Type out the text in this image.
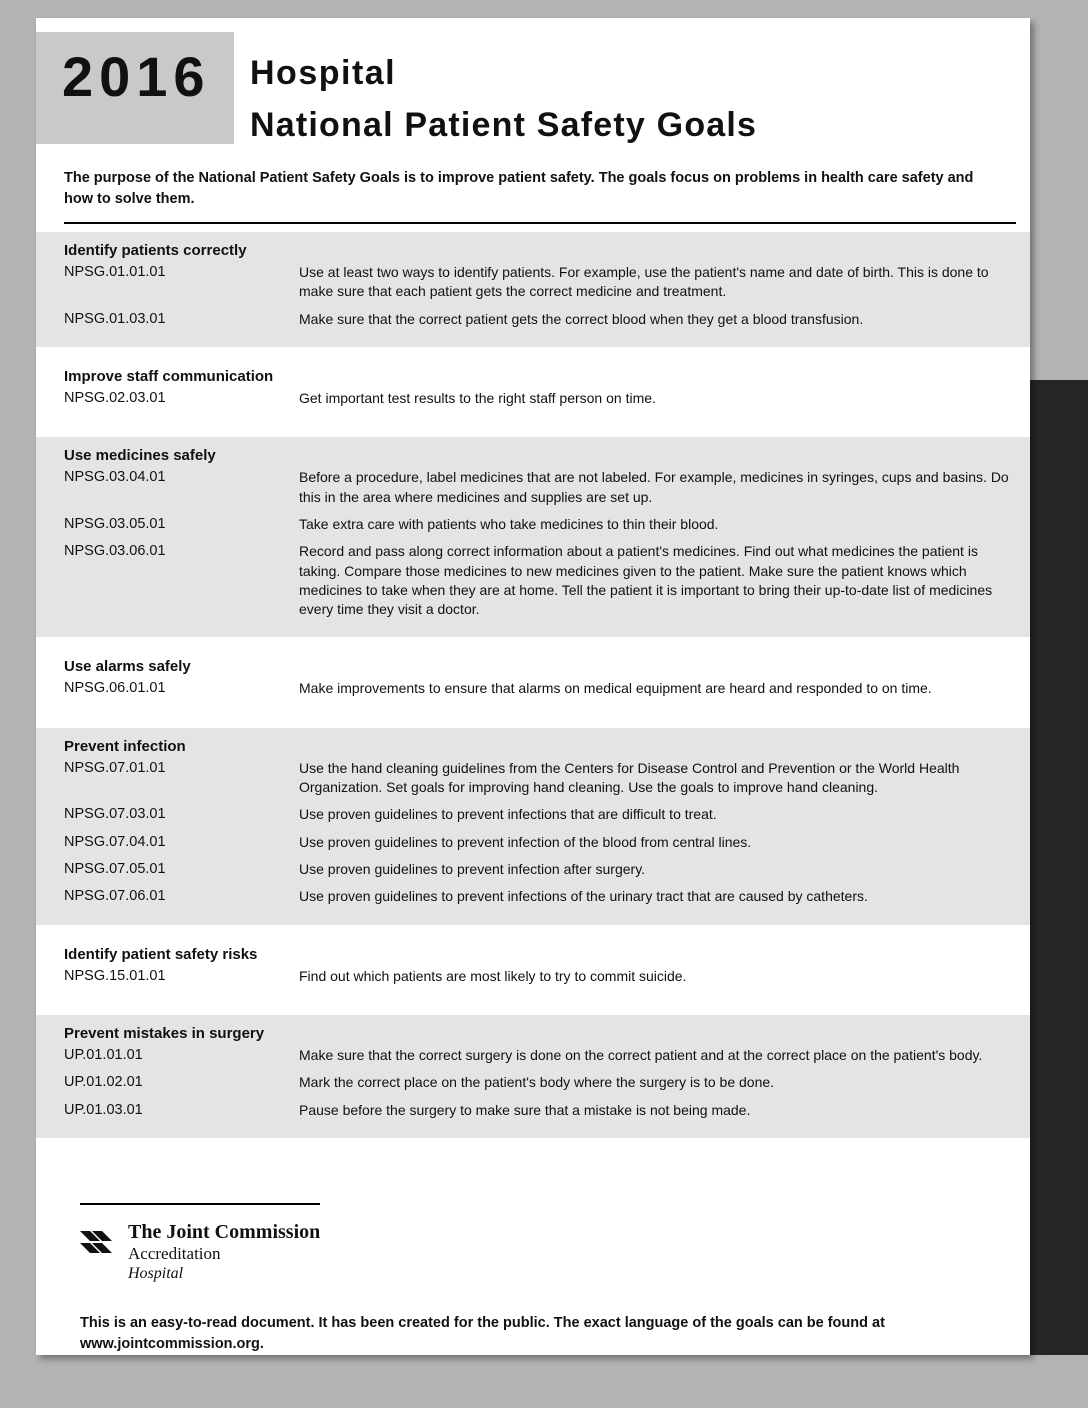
2016 Hospital
National Patient Safety Goals
The purpose of the National Patient Safety Goals is to improve patient safety. The goals focus on problems in health care safety and how to solve them.
Identify patients correctly
NPSG.01.01.01	Use at least two ways to identify patients. For example, use the patient's name and date of birth. This is done to make sure that each patient gets the correct medicine and treatment.
NPSG.01.03.01	Make sure that the correct patient gets the correct blood when they get a blood transfusion.
Improve staff communication
NPSG.02.03.01	Get important test results to the right staff person on time.
Use medicines safely
NPSG.03.04.01	Before a procedure, label medicines that are not labeled. For example, medicines in syringes, cups and basins. Do this in the area where medicines and supplies are set up.
NPSG.03.05.01	Take extra care with patients who take medicines to thin their blood.
NPSG.03.06.01	Record and pass along correct information about a patient's medicines. Find out what medicines the patient is taking. Compare those medicines to new medicines given to the patient. Make sure the patient knows which medicines to take when they are at home. Tell the patient it is important to bring their up-to-date list of medicines every time they visit a doctor.
Use alarms safely
NPSG.06.01.01	Make improvements to ensure that alarms on medical equipment are heard and responded to on time.
Prevent infection
NPSG.07.01.01	Use the hand cleaning guidelines from the Centers for Disease Control and Prevention or the World Health Organization. Set goals for improving hand cleaning. Use the goals to improve hand cleaning.
NPSG.07.03.01	Use proven guidelines to prevent infections that are difficult to treat.
NPSG.07.04.01	Use proven guidelines to prevent infection of the blood from central lines.
NPSG.07.05.01	Use proven guidelines to prevent infection after surgery.
NPSG.07.06.01	Use proven guidelines to prevent infections of the urinary tract that are caused by catheters.
Identify patient safety risks
NPSG.15.01.01	Find out which patients are most likely to try to commit suicide.
Prevent mistakes in surgery
UP.01.01.01	Make sure that the correct surgery is done on the correct patient and at the correct place on the patient's body.
UP.01.02.01	Mark the correct place on the patient's body where the surgery is to be done.
UP.01.03.01	Pause before the surgery to make sure that a mistake is not being made.
The Joint Commission
Accreditation
Hospital
This is an easy-to-read document. It has been created for the public. The exact language of the goals can be found at www.jointcommission.org.
